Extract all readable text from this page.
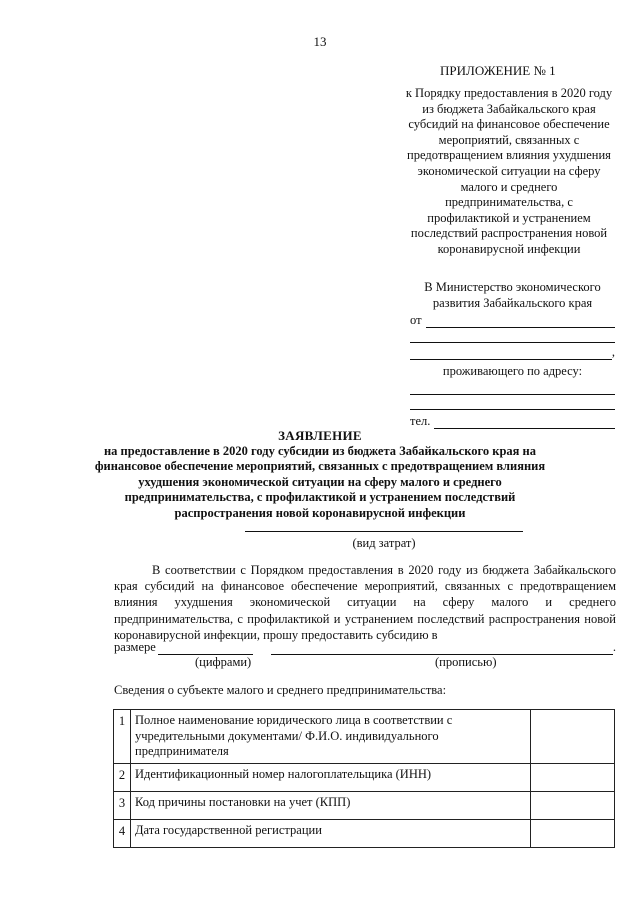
13
ПРИЛОЖЕНИЕ № 1
к Порядку предоставления в 2020 году
из бюджета Забайкальского края
субсидий на финансовое обеспечение
мероприятий, связанных с
предотвращением влияния ухудшения
экономической ситуации на сферу
малого и среднего
предпринимательства, с
профилактикой и устранением
последствий распространения новой
коронавирусной инфекции
В Министерство экономического
развития Забайкальского края
от
,
проживающего по адресу:
тел.
ЗАЯВЛЕНИЕ
на предоставление в 2020 году субсидии из бюджета Забайкальского края на
финансовое обеспечение мероприятий, связанных с предотвращением влияния
ухудшения экономической ситуации на сферу малого и среднего
предпринимательства, с профилактикой и устранением последствий
распространения новой коронавирусной инфекции
(вид затрат)
В соответствии с Порядком предоставления в 2020 году из бюджета Забайкальского края субсидий на финансовое обеспечение мероприятий, связанных с предотвращением влияния ухудшения экономической ситуации на сферу малого и среднего предпринимательства, с профилактикой и устранением последствий распространения новой коронавирусной инфекции, прошу предоставить субсидию в
размере	.
(цифрами)	(прописью)
Сведения о субъекте малого и среднего предпринимательства:
1	Полное наименование юридического лица в соответствии с учредительными документами/ Ф.И.О. индивидуального предпринимателя	
2	Идентификационный номер налогоплательщика (ИНН)	
3	Код причины постановки на учет (КПП)	
4	Дата государственной регистрации	
